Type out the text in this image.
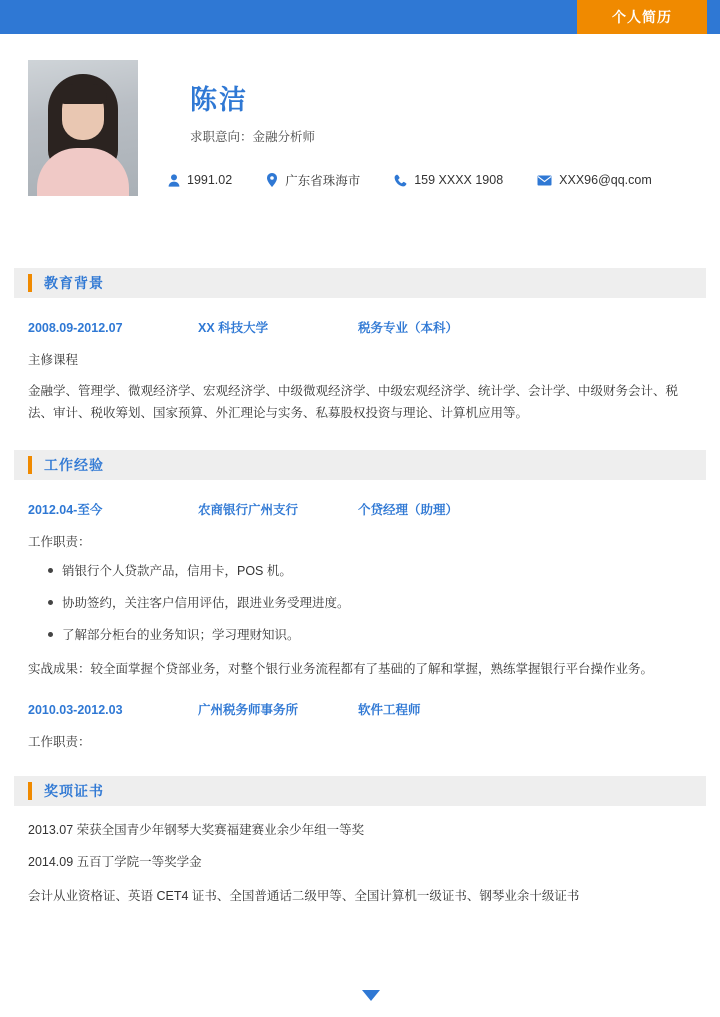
个人简历
陈洁
求职意向：金融分析师
1991.02	广东省珠海市	159 XXXX 1908	XXX96@qq.com
教育背景
2008.09-2012.07	XX 科技大学	税务专业（本科）
主修课程
金融学、管理学、微观经济学、宏观经济学、中级微观经济学、中级宏观经济学、统计学、会计学、中级财务会计、税法、审计、税收筹划、国家预算、外汇理论与实务、私募股权投资与理论、计算机应用等。
工作经验
2012.04-至今	农商银行广州支行	个贷经理（助理）
工作职责：
销银行个人贷款产品，信用卡，POS 机。
协助签约，关注客户信用评估，跟进业务受理进度。
了解部分柜台的业务知识；学习理财知识。
实战成果：较全面掌握个贷部业务，对整个银行业务流程都有了基础的了解和掌握，熟练掌握银行平台操作业务。
2010.03-2012.03	广州税务师事务所	软件工程师
工作职责：
奖项证书
2013.07 荣获全国青少年钢琴大奖赛福建赛业余少年组一等奖
2014.09 五百丁学院一等奖学金
会计从业资格证、英语 CET4 证书、全国普通话二级甲等、全国计算机一级证书、钢琴业余十级证书
